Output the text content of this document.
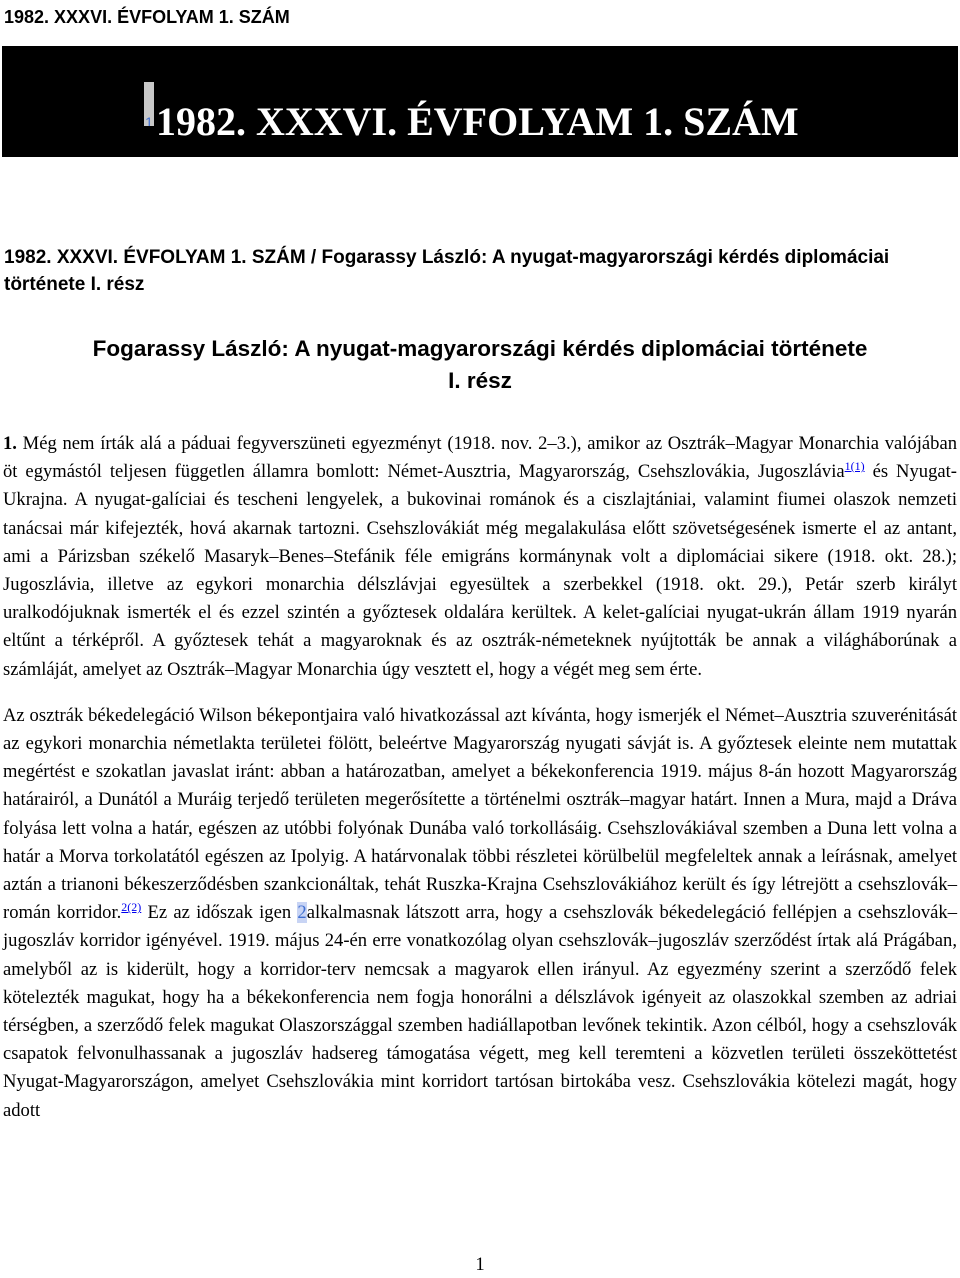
1982. XXXVI. ÉVFOLYAM 1. SZÁM
1 1982. XXXVI. ÉVFOLYAM 1. SZÁM
1982. XXXVI. ÉVFOLYAM 1. SZÁM / Fogarassy László: A nyugat-magyarországi kérdés diplomáciai története I. rész
Fogarassy László: A nyugat-magyarországi kérdés diplomáciai története
I. rész

1. Még nem írták alá a páduai fegyverszüneti egyezményt (1918. nov. 2–3.), amikor az Osztrák–Magyar Monarchia valójában öt egymástól teljesen független államra bomlott: Német-Ausztria, Magyarország, Csehszlovákia, Jugoszlávia$^{1(1)}$ és Nyugat-Ukrajna. A nyugat-galíciai és teschenі lengyelek, a bukovinai románok és a ciszlajtániai, valamint fiumei olaszok nemzeti tanácsai már kifejezték, hová akarnak tartozni. Csehszlovákiát még megalakulása előtt szövetségesének ismerte el az antant, ami a Párizsban székelő Masaryk–Benes–Stefánik féle emigráns kormánynak volt a diplomáciai sikere (1918. okt. 28.); Jugoszlávia, illetve az egykori monarchia délszlávjai egyesültek a szerbekkel (1918. okt. 29.), Petár szerb királyt uralkodójuknak ismerték el és ezzel szintén a győztesek oldalára kerültek. A kelet-galíciai nyugat-ukrán állam 1919 nyarán eltűnt a térképről. A győztesek tehát a magyaroknak és az osztrák-németeknek nyújtották be annak a világháborúnak a számláját, amelyet az Osztrák–Magyar Monarchia úgy vesztett el, hogy a végét meg sem érte.

Az osztrák békedelegáció Wilson békepontjaira való hivatkozással azt kívánta, hogy ismerjék el Német–Ausztria szuverénitását az egykori monarchia németlakta területei fölött, beleértve Magyarország nyugati sávját is. A győztesek eleinte nem mutattak megértést e szokatlan javaslat iránt: abban a határozatban, amelyet a békekonferencia 1919. május 8-án hozott Magyarország határairól, a Dunától a Muráig terjedő területen megerősítette a történelmi osztrák–magyar határt. Innen a Mura, majd a Dráva folyása lett volna a határ, egészen az utóbbi folyónak Dunába való torkollásáig. Csehszlovákiával szemben a Duna lett volna a határ a Morva torkolatától egészen az Ipolyig. A határvonalak többi részletei körülbelül megfeleltek annak a leírásnak, amelyet aztán a trianoni békeszerződésben szankcionáltak, tehát Ruszka-Krajna Csehszlovákiához került és így létrejött a csehszlovák–román korridor.$^{2(2)}$ Ez az időszak igen 2alkalmasnak látszott arra, hogy a csehszlovák békedelegáció fellépjen a csehszlovák–jugoszláv korridor igényével. 1919. május 24-én erre vonatkozólag olyan csehszlovák–jugoszláv szerződést írtak alá Prágában, amelyből az is kiderült, hogy a korridor-terv nemcsak a magyarok ellen irányul. Az egyezmény szerint a szerződő felek kötelezték magukat, hogy ha a békekonferencia nem fogja honorálni a délszlávok igényeit az olaszokkal szemben az adriai térségben, a szerződő felek magukat Olaszországgal szemben hadiállapotban levőnek tekintik. Azon célból, hogy a csehszlovák csapatok felvonulhassanak a jugoszláv hadsereg támogatása végett, meg kell teremteni a közvetlen területi összeköttetést Nyugat-Magyarországon, amelyet Csehszlovákia mint korridort tartósan birtokába vesz. Csehszlovákia kötelezi magát, hogy adott

1
